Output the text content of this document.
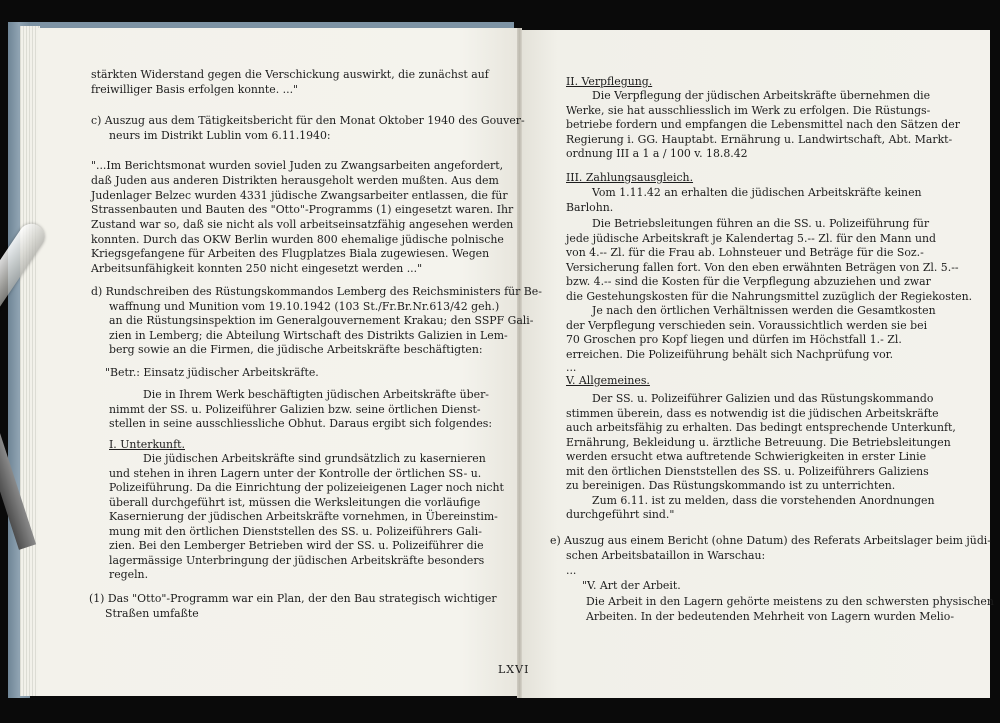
stärkten Widerstand gegen die Verschickung auswirkt, die zunächst auf

freiwilliger Basis erfolgen konnte. ..."

c) Auszug aus dem Tätigkeitsbericht für den Monat Oktober 1940 des Gouver-

neurs im Distrikt Lublin vom 6.11.1940:

"...Im Berichtsmonat wurden soviel Juden zu Zwangsarbeiten angefordert,

daß Juden aus anderen Distrikten herausgeholt werden mußten. Aus dem

Judenlager Belzec wurden 4331 jüdische Zwangsarbeiter entlassen, die für

Strassenbauten und Bauten des "Otto"-Programms (1) eingesetzt waren. Ihr

Zustand war so, daß sie nicht als voll arbeitseinsatzfähig angesehen werden

konnten. Durch das OKW Berlin wurden 800 ehemalige jüdische polnische

Kriegsgefangene für Arbeiten des Flugplatzes Biala zugewiesen. Wegen

Arbeitsunfähigkeit konnten 250 nicht eingesetzt werden ..."

d) Rundschreiben des Rüstungskommandos Lemberg des Reichsministers für Be-

waffnung und Munition vom 19.10.1942 (103 St./Fr.Br.Nr.613/42 geh.)

an die Rüstungsinspektion im Generalgouvernement Krakau; den SSPF Gali-

zien in Lemberg; die Abteilung Wirtschaft des Distrikts Galizien in Lem-

berg sowie an die Firmen, die jüdische Arbeitskräfte beschäftigten:

"Betr.: Einsatz jüdischer Arbeitskräfte.

Die in Ihrem Werk beschäftigten jüdischen Arbeitskräfte über-

nimmt der SS. u. Polizeiführer Galizien bzw. seine örtlichen Dienst-

stellen in seine ausschliessliche Obhut. Daraus ergibt sich folgendes:

I. Unterkunft.

Die jüdischen Arbeitskräfte sind grundsätzlich zu kasernieren

und stehen in ihren Lagern unter der Kontrolle der örtlichen SS- u.

Polizeiführung. Da die Einrichtung der polizeieigenen Lager noch nicht

überall durchgeführt ist, müssen die Werksleitungen die vorläufige

Kasernierung der jüdischen Arbeitskräfte vornehmen, in Übereinstim-

mung mit den örtlichen Dienststellen des SS. u. Polizeiführers Gali-

zien. Bei den Lemberger Betrieben wird der SS. u. Polizeiführer die

lagermässige Unterbringung der jüdischen Arbeitskräfte besonders

regeln.

(1) Das "Otto"-Programm war ein Plan, der den Bau strategisch wichtiger

Straßen umfaßte

II. Verpflegung.

Die Verpflegung der jüdischen Arbeitskräfte übernehmen die

Werke, sie hat ausschliesslich im Werk zu erfolgen. Die Rüstungs-

betriebe fordern und empfangen die Lebensmittel nach den Sätzen der

Regierung i. GG. Hauptabt. Ernährung u. Landwirtschaft, Abt. Markt-

ordnung III a 1 a / 100 v. 18.8.42

III. Zahlungsausgleich.

Vom 1.11.42 an erhalten die jüdischen Arbeitskräfte keinen

Barlohn.

Die Betriebsleitungen führen an die SS. u. Polizeiführung für

jede jüdische Arbeitskraft je Kalendertag 5.-- Zl. für den Mann und

von 4.-- Zl. für die Frau ab. Lohnsteuer und Beträge für die Soz.-

Versicherung fallen fort. Von den eben erwähnten Beträgen von Zl. 5.--

bzw. 4.-- sind die Kosten für die Verpflegung abzuziehen und zwar

die Gestehungskosten für die Nahrungsmittel zuzüglich der Regiekosten.

Je nach den örtlichen Verhältnissen werden die Gesamtkosten

der Verpflegung verschieden sein. Voraussichtlich werden sie bei

70 Groschen pro Kopf liegen und dürfen im Höchstfall 1.- Zl.

erreichen. Die Polizeiführung behält sich Nachprüfung vor.

...

V. Allgemeines.

Der SS. u. Polizeiführer Galizien und das Rüstungskommando

stimmen überein, dass es notwendig ist die jüdischen Arbeitskräfte

auch arbeitsfähig zu erhalten. Das bedingt entsprechende Unterkunft,

Ernährung, Bekleidung u. ärztliche Betreuung. Die Betriebsleitungen

werden ersucht etwa auftretende Schwierigkeiten in erster Linie

mit den örtlichen Dienststellen des SS. u. Polizeiführers Galiziens

zu bereinigen. Das Rüstungskommando ist zu unterrichten.

Zum 6.11. ist zu melden, dass die vorstehenden Anordnungen

durchgeführt sind."

e) Auszug aus einem Bericht (ohne Datum) des Referats Arbeitslager beim jüdi-

schen Arbeitsbataillon in Warschau:

...

"V. Art der Arbeit.

Die Arbeit in den Lagern gehörte meistens zu den schwersten physischen

Arbeiten. In der bedeutenden Mehrheit von Lagern wurden Melio-

LXVI
